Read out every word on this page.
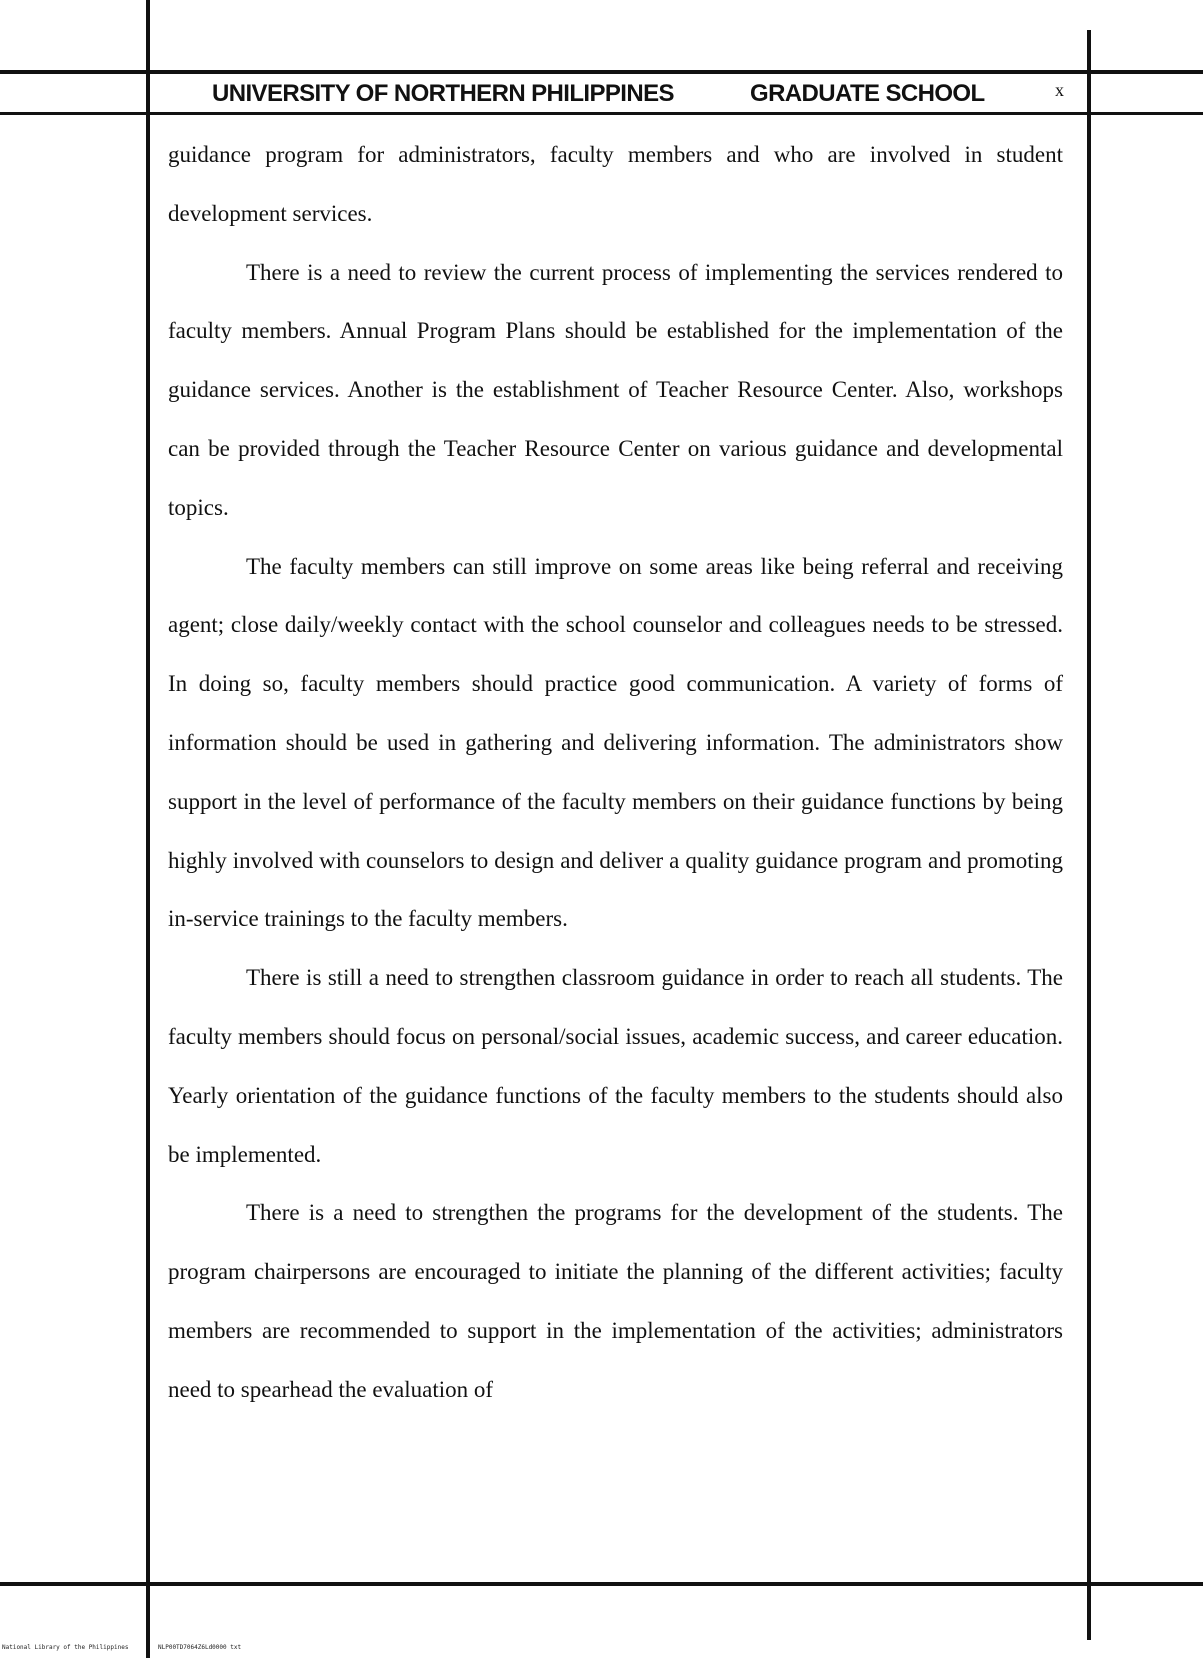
UNIVERSITY OF NORTHERN PHILIPPINES	GRADUATE SCHOOL	x

guidance program for administrators, faculty members and who are involved in student development services.

There is a need to review the current process of implementing the services rendered to faculty members. Annual Program Plans should be established for the implementation of the guidance services. Another is the establishment of Teacher Resource Center. Also, workshops can be provided through the Teacher Resource Center on various guidance and developmental topics.

The faculty members can still improve on some areas like being referral and receiving agent; close daily/weekly contact with the school counselor and colleagues needs to be stressed. In doing so, faculty members should practice good communication. A variety of forms of information should be used in gathering and delivering information. The administrators show support in the level of performance of the faculty members on their guidance functions by being highly involved with counselors to design and deliver a quality guidance program and promoting in-service trainings to the faculty members.

There is still a need to strengthen classroom guidance in order to reach all students. The faculty members should focus on personal/social issues, academic success, and career education. Yearly orientation of the guidance functions of the faculty members to the students should also be implemented.

There is a need to strengthen the programs for the development of the students. The program chairpersons are encouraged to initiate the planning of the different activities; faculty members are recommended to support in the implementation of the activities; administrators need to spearhead the evaluation of

National Library of the Philippines	NLP00TD7064Z6Ld0000 txt
